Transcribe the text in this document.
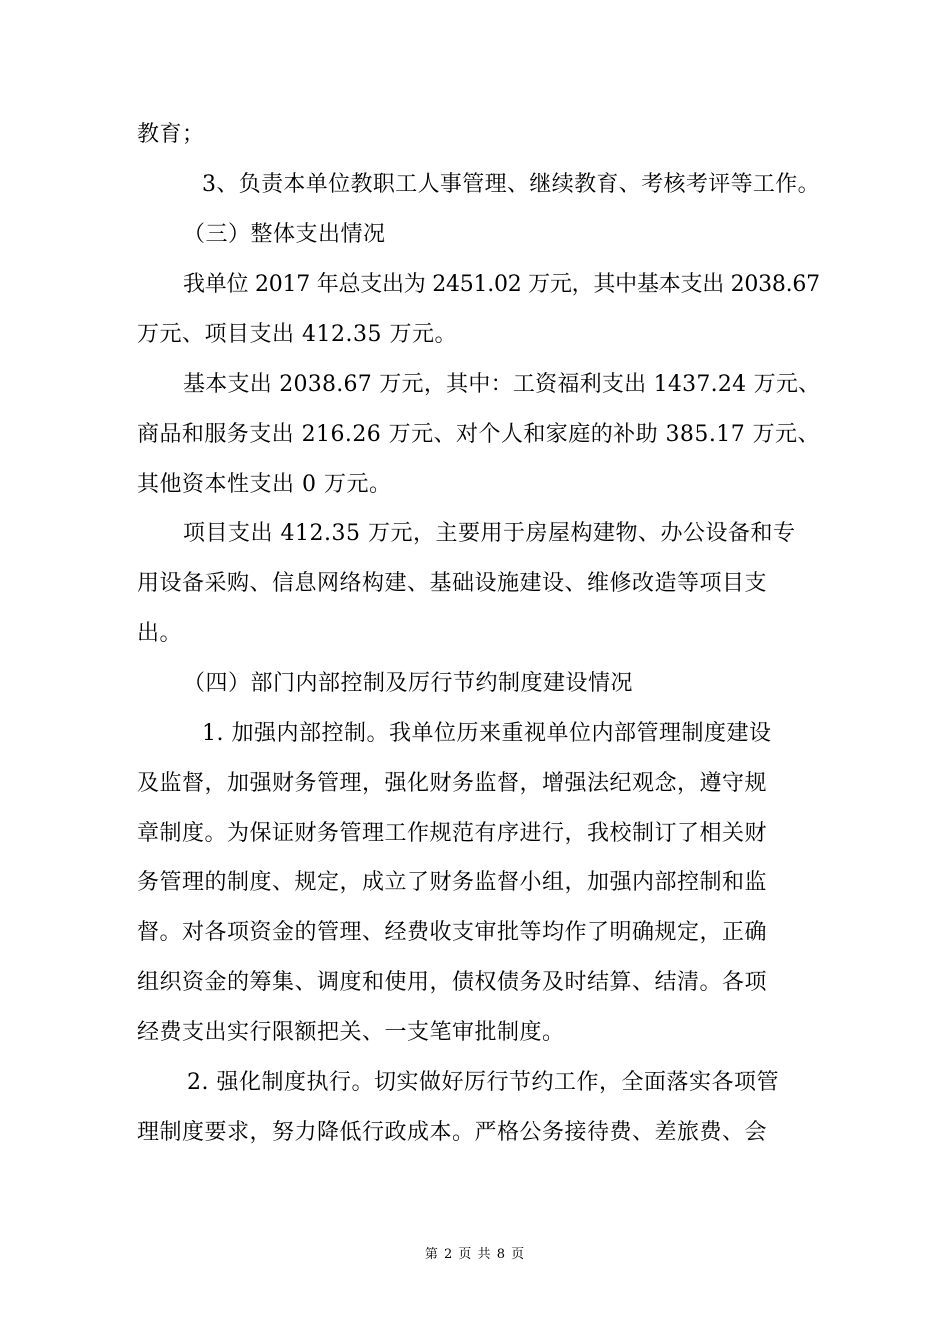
教育；
3、负责本单位教职工人事管理、继续教育、考核考评等工作。
（三）整体支出情况
我单位 2017 年总支出为 2451.02 万元，其中基本支出 2038.67
万元、项目支出 412.35 万元。
基本支出 2038.67 万元，其中：工资福利支出 1437.24 万元、
商品和服务支出 216.26 万元、对个人和家庭的补助 385.17 万元、
其他资本性支出 0 万元。
项目支出 412.35 万元，主要用于房屋构建物、办公设备和专
用设备采购、信息网络构建、基础设施建设、维修改造等项目支
出。
（四）部门内部控制及厉行节约制度建设情况
1. 加强内部控制。我单位历来重视单位内部管理制度建设
及监督，加强财务管理，强化财务监督，增强法纪观念，遵守规
章制度。为保证财务管理工作规范有序进行，我校制订了相关财
务管理的制度、规定，成立了财务监督小组，加强内部控制和监
督。对各项资金的管理、经费收支审批等均作了明确规定，正确
组织资金的筹集、调度和使用，债权债务及时结算、结清。各项
经费支出实行限额把关、一支笔审批制度。
2. 强化制度执行。切实做好厉行节约工作，全面落实各项管
理制度要求，努力降低行政成本。严格公务接待费、差旅费、会
第 2 页 共 8 页
